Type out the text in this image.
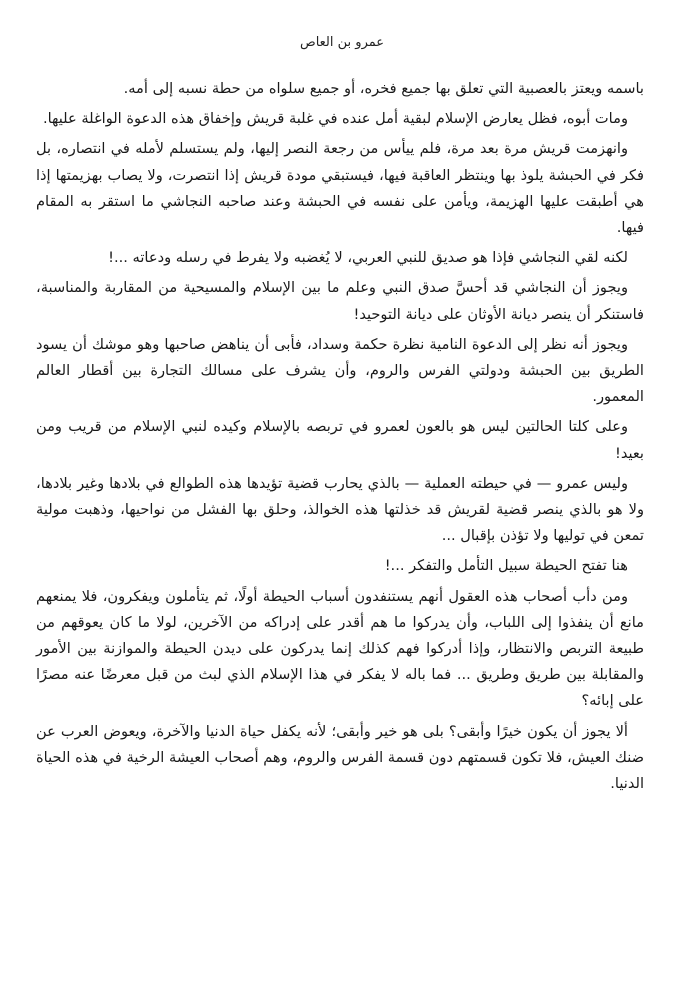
عمرو بن العاص

باسمه ويعتز بالعصبية التي تعلق بها جميع فخره، أو جميع سلواه من حطة نسبه إلى أمه.

ومات أبوه، فظل يعارض الإسلام لبقية أمل عنده في غلبة قريش وإخفاق هذه الدعوة الواغلة عليها.

وانهزمت قريش مرة بعد مرة، فلم ييأس من رجعة النصر إليها، ولم يستسلم لأمله في انتصاره، بل فكر في الحبشة يلوذ بها وينتظر العاقبة فيها، فيستبقي مودة قريش إذا انتصرت، ولا يصاب بهزيمتها إذا هي أطبقت عليها الهزيمة، ويأمن على نفسه في الحبشة وعند صاحبه النجاشي ما استقر به المقام فيها.

لكنه لقي النجاشي فإذا هو صديق للنبي العربي، لا يُغضبه ولا يفرط في رسله ودعاته ...!

ويجوز أن النجاشي قد أحسَّ صدق النبي وعلم ما بين الإسلام والمسيحية من المقاربة والمناسبة، فاستنكر أن ينصر ديانة الأوثان على ديانة التوحيد!

ويجوز أنه نظر إلى الدعوة النامية نظرة حكمة وسداد، فأبى أن يناهض صاحبها وهو موشك أن يسود الطريق بين الحبشة ودولتي الفرس والروم، وأن يشرف على مسالك التجارة بين أقطار العالم المعمور.

وعلى كلتا الحالتين ليس هو بالعون لعمرو في تربصه بالإسلام وكيده لنبي الإسلام من قريب ومن بعيد!

وليس عمرو — في حيطته العملية — بالذي يحارب قضية تؤيدها هذه الطوالع في بلادها وغير بلادها، ولا هو بالذي ينصر قضية لقريش قد خذلتها هذه الخوالذ، وحلق بها الفشل من نواحيها، وذهبت مولية تمعن في توليها ولا تؤذن بإقبال ...

هنا تفتح الحيطة سبيل التأمل والتفكر ...!

ومن دأب أصحاب هذه العقول أنهم يستنفدون أسباب الحيطة أولًا، ثم يتأملون ويفكرون، فلا يمنعهم مانع أن ينفذوا إلى اللباب، وأن يدركوا ما هم أقدر على إدراكه من الآخرين، لولا ما كان يعوقهم من طبيعة التربص والانتظار، وإذا أدركوا فهم كذلك إنما يدركون على ديدن الحيطة والموازنة بين الأمور والمقابلة بين طريق وطريق ... فما باله لا يفكر في هذا الإسلام الذي لبث من قبل معرضًا عنه مصرًا على إبائه؟

ألا يجوز أن يكون خيرًا وأبقى؟ بلى هو خير وأبقى؛ لأنه يكفل حياة الدنيا والآخرة، ويعوض العرب عن ضنك العيش، فلا تكون قسمتهم دون قسمة الفرس والروم، وهم أصحاب العيشة الرخية في هذه الحياة الدنيا.
